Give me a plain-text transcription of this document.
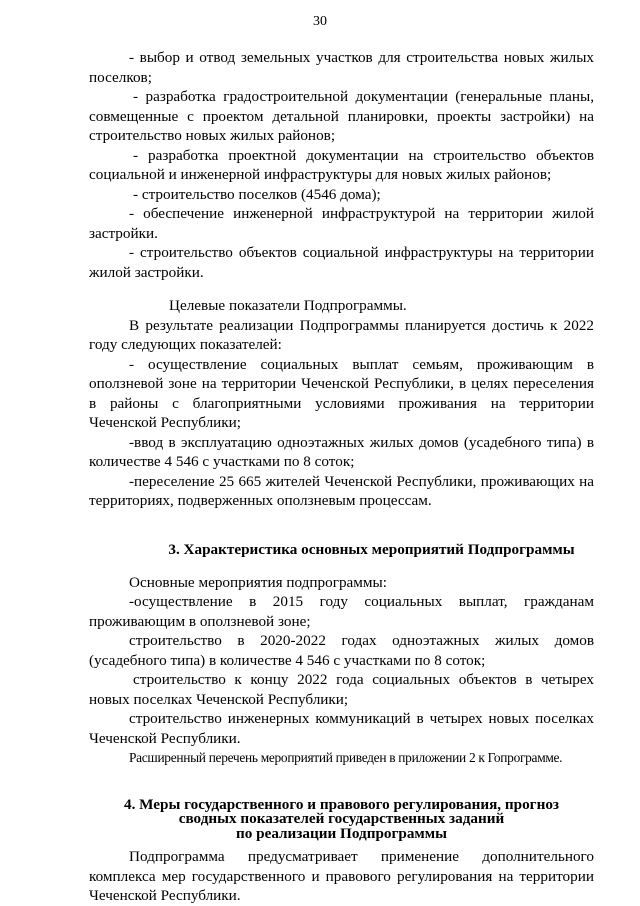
30

- выбор и отвод земельных участков для строительства новых жилых поселков;

- разработка градостроительной документации (генеральные планы, совмещенные с проектом детальной планировки, проекты застройки) на строительство новых жилых районов;

- разработка проектной документации на строительство объектов социальной и инженерной инфраструктуры для новых жилых районов;

- строительство поселков (4546 дома);

- обеспечение инженерной инфраструктурой на территории жилой застройки.

- строительство объектов социальной инфраструктуры на территории жилой застройки.

Целевые показатели Подпрограммы.

В результате реализации Подпрограммы планируется достичь к 2022 году следующих показателей:

- осуществление социальных выплат семьям, проживающим в оползневой зоне на территории Чеченской Республики, в целях переселения в районы с благоприятными условиями проживания на территории Чеченской Республики;

-ввод в эксплуатацию одноэтажных жилых домов (усадебного типа) в количестве 4 546 с участками по 8 соток;

-переселение 25 665 жителей Чеченской Республики, проживающих на территориях, подверженных оползневым процессам.

3. Характеристика основных мероприятий Подпрограммы

Основные мероприятия подпрограммы:

-осуществление в 2015 году социальных выплат, гражданам проживающим в оползневой зоне;

строительство в 2020-2022 годах одноэтажных жилых домов (усадебного типа) в количестве 4 546 с участками по 8 соток;

строительство к концу 2022 года социальных объектов в четырех новых поселках Чеченской Республики;

строительство инженерных коммуникаций в четырех новых поселках Чеченской Республики.

Расширенный перечень мероприятий приведен в приложении 2 к Гопрограмме.

4. Меры государственного и правового регулирования, прогноз
сводных показателей государственных заданий
по реализации Подпрограммы

Подпрограмма предусматривает применение дополнительного комплекса мер государственного и правового регулирования на территории Чеченской Республики.
